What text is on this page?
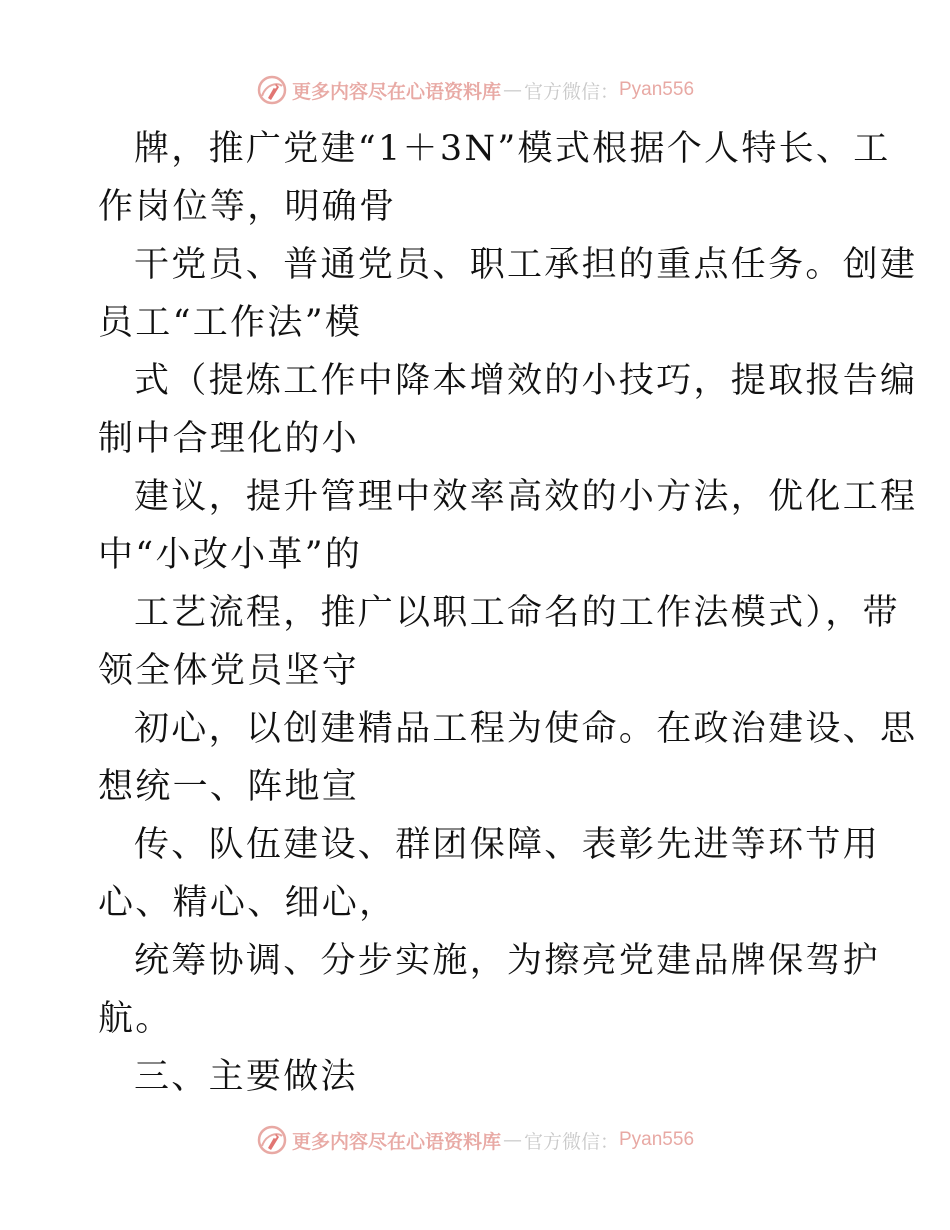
更多内容尽在心语资料库 — 官方微信： Pyan556
牌，推广党建“1＋3N”模式根据个人特长、工
作岗位等，明确骨
干党员、普通党员、职工承担的重点任务。创建
员工“工作法”模
式（提炼工作中降本增效的小技巧，提取报告编
制中合理化的小
建议，提升管理中效率高效的小方法，优化工程
中“小改小革”的
工艺流程，推广以职工命名的工作法模式），带
领全体党员坚守
初心，以创建精品工程为使命。在政治建设、思
想统一、阵地宣
传、队伍建设、群团保障、表彰先进等环节用
心、精心、细心，
统筹协调、分步实施，为擦亮党建品牌保驾护
航。
三、主要做法
更多内容尽在心语资料库 — 官方微信： Pyan556
